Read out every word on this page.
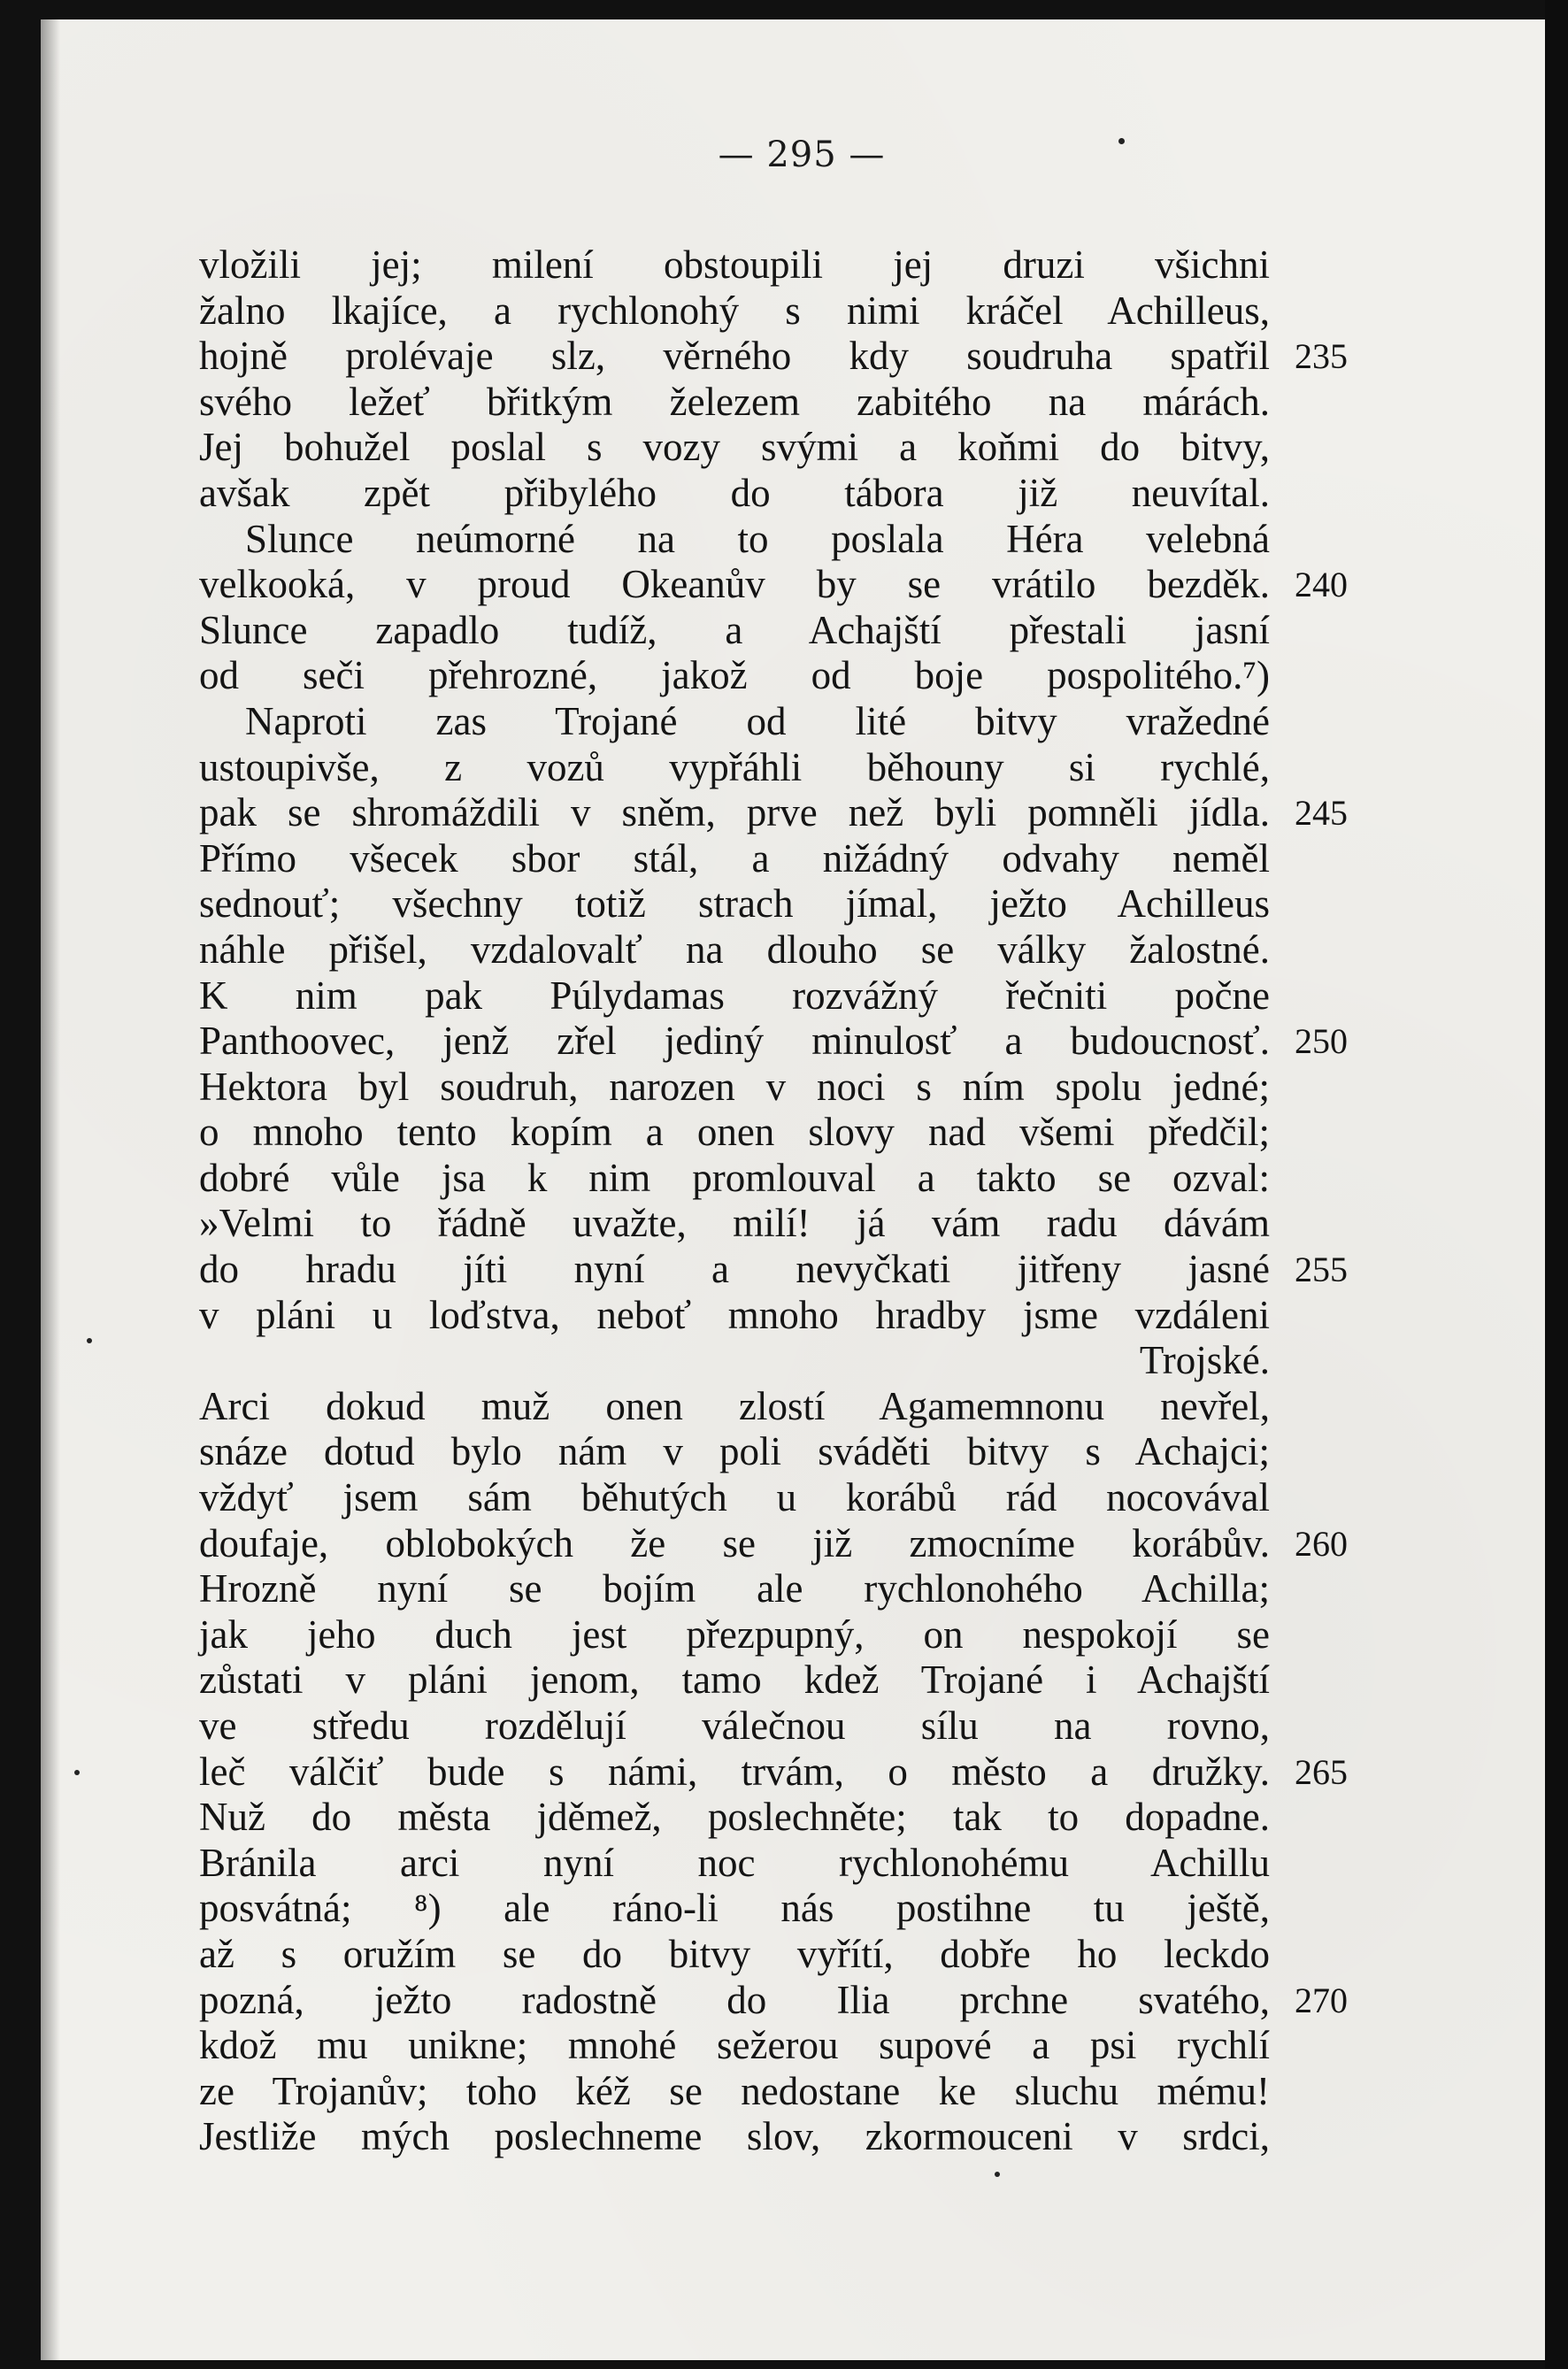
— 295 —
vložili jej; milení obstoupili jej druzi všichni
žalno lkajíce, a rychlonohý s nimi kráčel Achilleus,
hojně prolévaje slz, věrného kdy soudruha spatřil 235
svého ležeť břitkým železem zabitého na márách.
Jej bohužel poslal s vozy svými a koňmi do bitvy,
avšak zpět přibylého do tábora již neuvítal.
Slunce neúmorné na to poslala Héra velebná
velkooká, v proud Okeanův by se vrátilo bezděk. 240
Slunce zapadlo tudíž, a Achajští přestali jasní
od seči přehrozné, jakož od boje pospolitého.⁷)
Naproti zas Trojané od lité bitvy vražedné
ustoupivše, z vozů vypřáhli běhouny si rychlé,
pak se shromáždili v sněm, prve než byli pomněli jídla. 245
Přímo všecek sbor stál, a nižádný odvahy neměl
sednouť; všechny totiž strach jímal, ježto Achilleus
náhle přišel, vzdalovalť na dlouho se války žalostné.
K nim pak Púlydamas rozvážný řečniti počne
Panthoovec, jenž zřel jediný minulosť a budoucnosť. 250
Hektora byl soudruh, narozen v noci s ním spolu jedné;
o mnoho tento kopím a onen slovy nad všemi předčil;
dobré vůle jsa k nim promlouval a takto se ozval:
»Velmi to řádně uvažte, milí! já vám radu dávám
do hradu jíti nyní a nevyčkati jitřeny jasné 255
v pláni u loďstva, neboť mnoho hradby jsme vzdáleni
Trojské.
Arci dokud muž onen zlostí Agamemnonu nevřel,
snáze dotud bylo nám v poli sváděti bitvy s Achajci;
vždyť jsem sám běhutých u korábů rád nocovával
doufaje, oblobokých že se již zmocníme korábův. 260
Hrozně nyní se bojím ale rychlonohého Achilla;
jak jeho duch jest přezpupný, on nespokojí se
zůstati v pláni jenom, tamo kdež Trojané i Achajští
ve středu rozdělují válečnou sílu na rovno,
leč válčiť bude s námi, trvám, o město a družky. 265
Nuž do města jděmež, poslechněte; tak to dopadne.
Bránila arci nyní noc rychlonohému Achillu
posvátná; ⁸) ale ráno-li nás postihne tu ještě,
až s oružím se do bitvy vyřítí, dobře ho leckdo
pozná, ježto radostně do Ilia prchne svatého, 270
kdož mu unikne; mnohé sežerou supové a psi rychlí
ze Trojanův; toho kéž se nedostane ke sluchu mému!
Jestliže mých poslechneme slov, zkormouceni v srdci,
